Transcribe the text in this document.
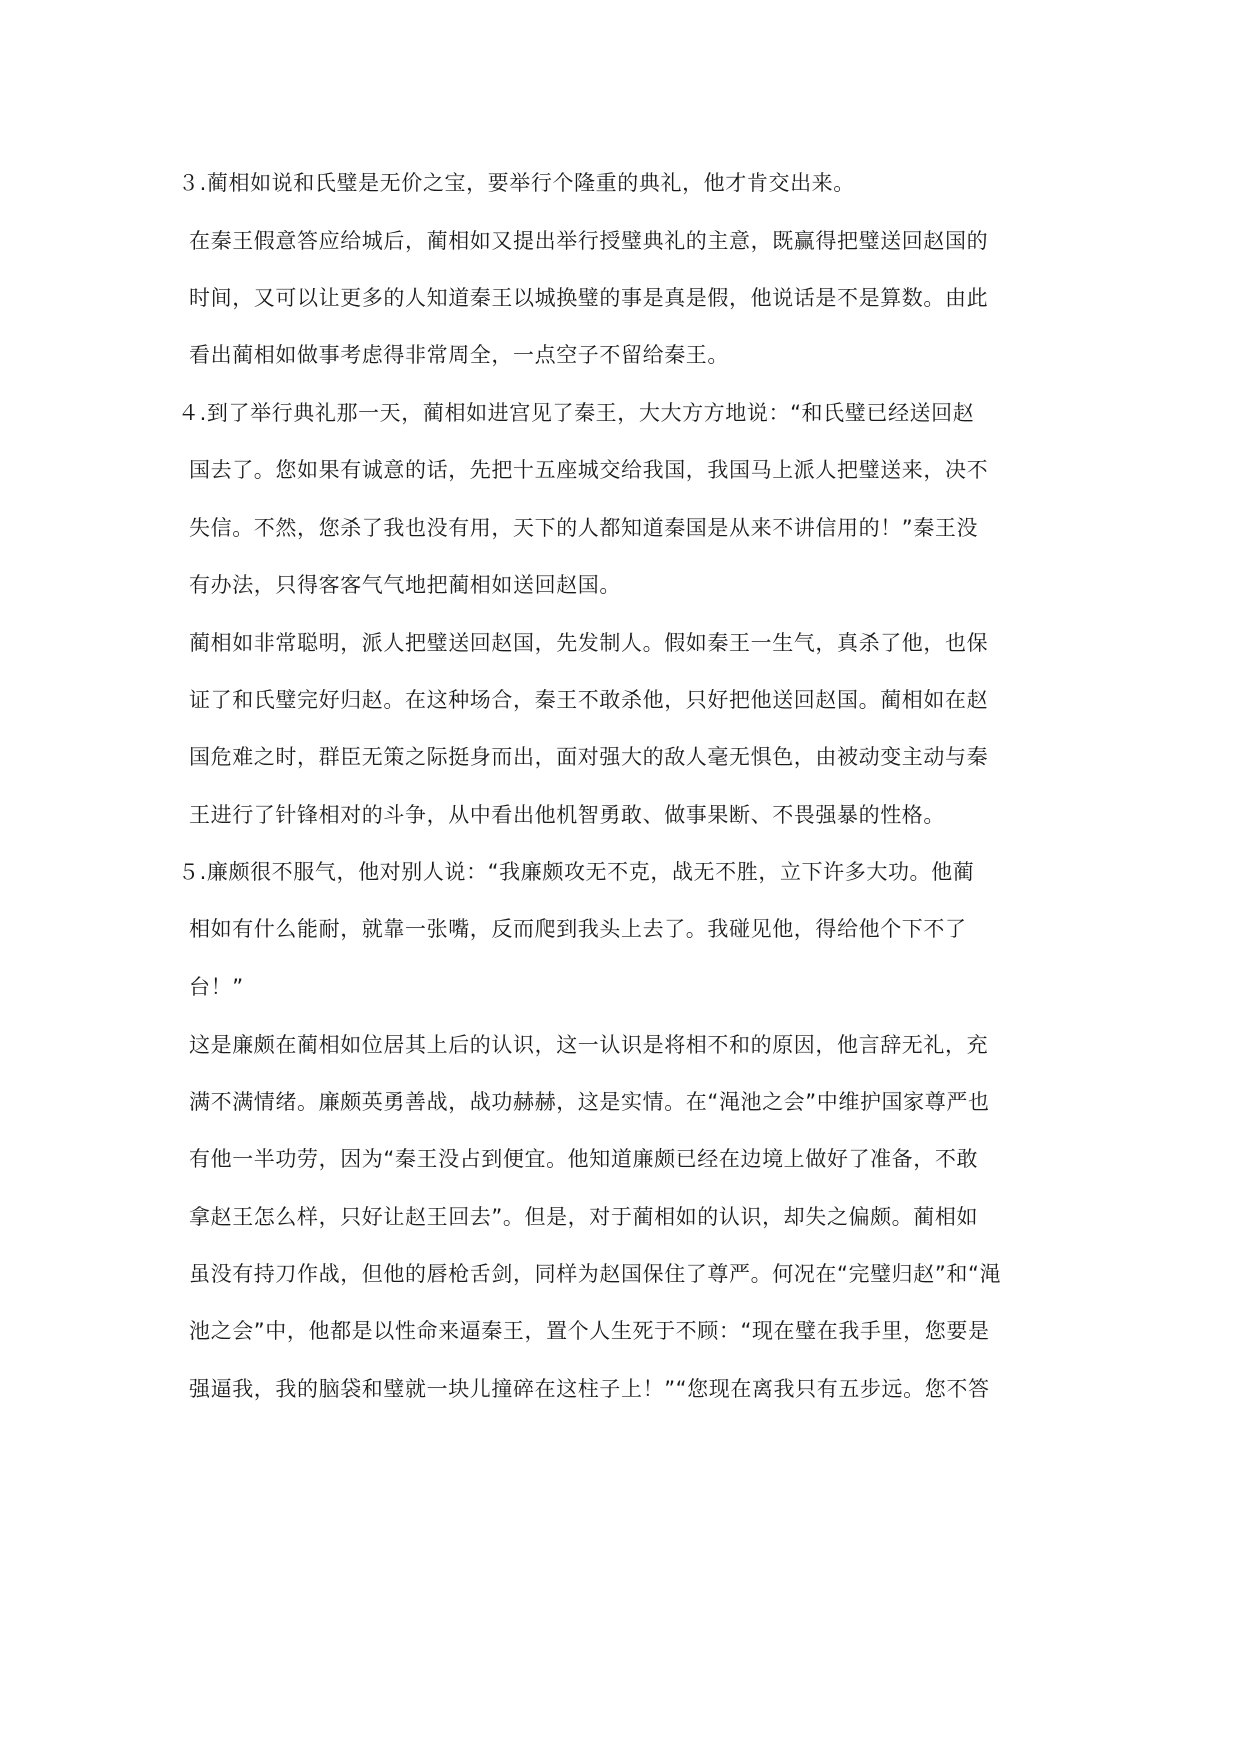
３.蔺相如说和氏璧是无价之宝，要举行个隆重的典礼，他才肯交出来。
在秦王假意答应给城后，蔺相如又提出举行授璧典礼的主意，既赢得把璧送回赵国的
时间，又可以让更多的人知道秦王以城换璧的事是真是假，他说话是不是算数。由此
看出蔺相如做事考虑得非常周全，一点空子不留给秦王。
４.到了举行典礼那一天，蔺相如进宫见了秦王，大大方方地说：“和氏璧已经送回赵
国去了。您如果有诚意的话，先把十五座城交给我国，我国马上派人把璧送来，决不
失信。不然，您杀了我也没有用，天下的人都知道秦国是从来不讲信用的！”秦王没
有办法，只得客客气气地把蔺相如送回赵国。
蔺相如非常聪明，派人把璧送回赵国，先发制人。假如秦王一生气，真杀了他，也保
证了和氏璧完好归赵。在这种场合，秦王不敢杀他，只好把他送回赵国。蔺相如在赵
国危难之时，群臣无策之际挺身而出，面对强大的敌人毫无惧色，由被动变主动与秦
王进行了针锋相对的斗争，从中看出他机智勇敢、做事果断、不畏强暴的性格。
５.廉颇很不服气，他对别人说：“我廉颇攻无不克，战无不胜，立下许多大功。他蔺
相如有什么能耐，就靠一张嘴，反而爬到我头上去了。我碰见他，得给他个下不了
台！”
这是廉颇在蔺相如位居其上后的认识，这一认识是将相不和的原因，他言辞无礼，充
满不满情绪。廉颇英勇善战，战功赫赫，这是实情。在“渑池之会”中维护国家尊严也
有他一半功劳，因为“秦王没占到便宜。他知道廉颇已经在边境上做好了准备，不敢
拿赵王怎么样，只好让赵王回去”。但是，对于蔺相如的认识，却失之偏颇。蔺相如
虽没有持刀作战，但他的唇枪舌剑，同样为赵国保住了尊严。何况在“完璧归赵”和“渑
池之会”中，他都是以性命来逼秦王，置个人生死于不顾：“现在璧在我手里，您要是
强逼我，我的脑袋和璧就一块儿撞碎在这柱子上！”“您现在离我只有五步远。您不答
